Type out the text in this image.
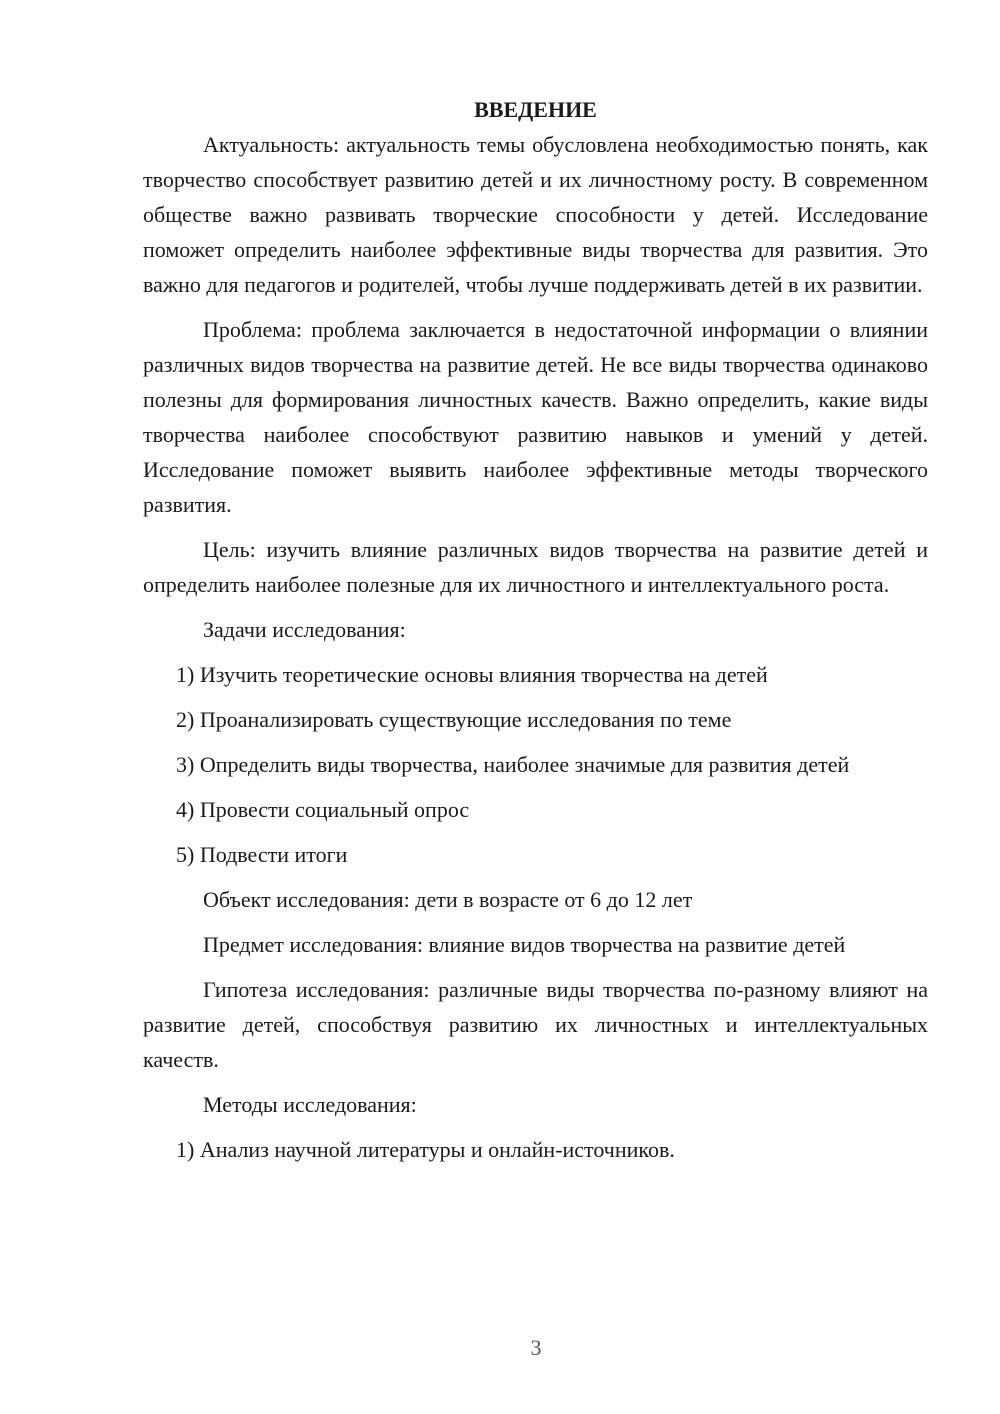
ВВЕДЕНИЕ

Актуальность: актуальность темы обусловлена необходимостью понять, как творчество способствует развитию детей и их личностному росту. В современном обществе важно развивать творческие способности у детей. Исследование поможет определить наиболее эффективные виды творчества для развития. Это важно для педагогов и родителей, чтобы лучше поддерживать детей в их развитии.

Проблема: проблема заключается в недостаточной информации о влиянии различных видов творчества на развитие детей. Не все виды творчества одинаково полезны для формирования личностных качеств. Важно определить, какие виды творчества наиболее способствуют развитию навыков и умений у детей. Исследование поможет выявить наиболее эффективные методы творческого развития.

Цель: изучить влияние различных видов творчества на развитие детей и определить наиболее полезные для их личностного и интеллектуального роста.

Задачи исследования:

1) Изучить теоретические основы влияния творчества на детей

2) Проанализировать существующие исследования по теме

3) Определить виды творчества, наиболее значимые для развития детей

4) Провести социальный опрос

5) Подвести итоги

Объект исследования: дети в возрасте от 6 до 12 лет

Предмет исследования: влияние видов творчества на развитие детей

Гипотеза исследования: различные виды творчества по-разному влияют на развитие детей, способствуя развитию их личностных и интеллектуальных качеств.

Методы исследования:

1) Анализ научной литературы и онлайн-источников.

3
